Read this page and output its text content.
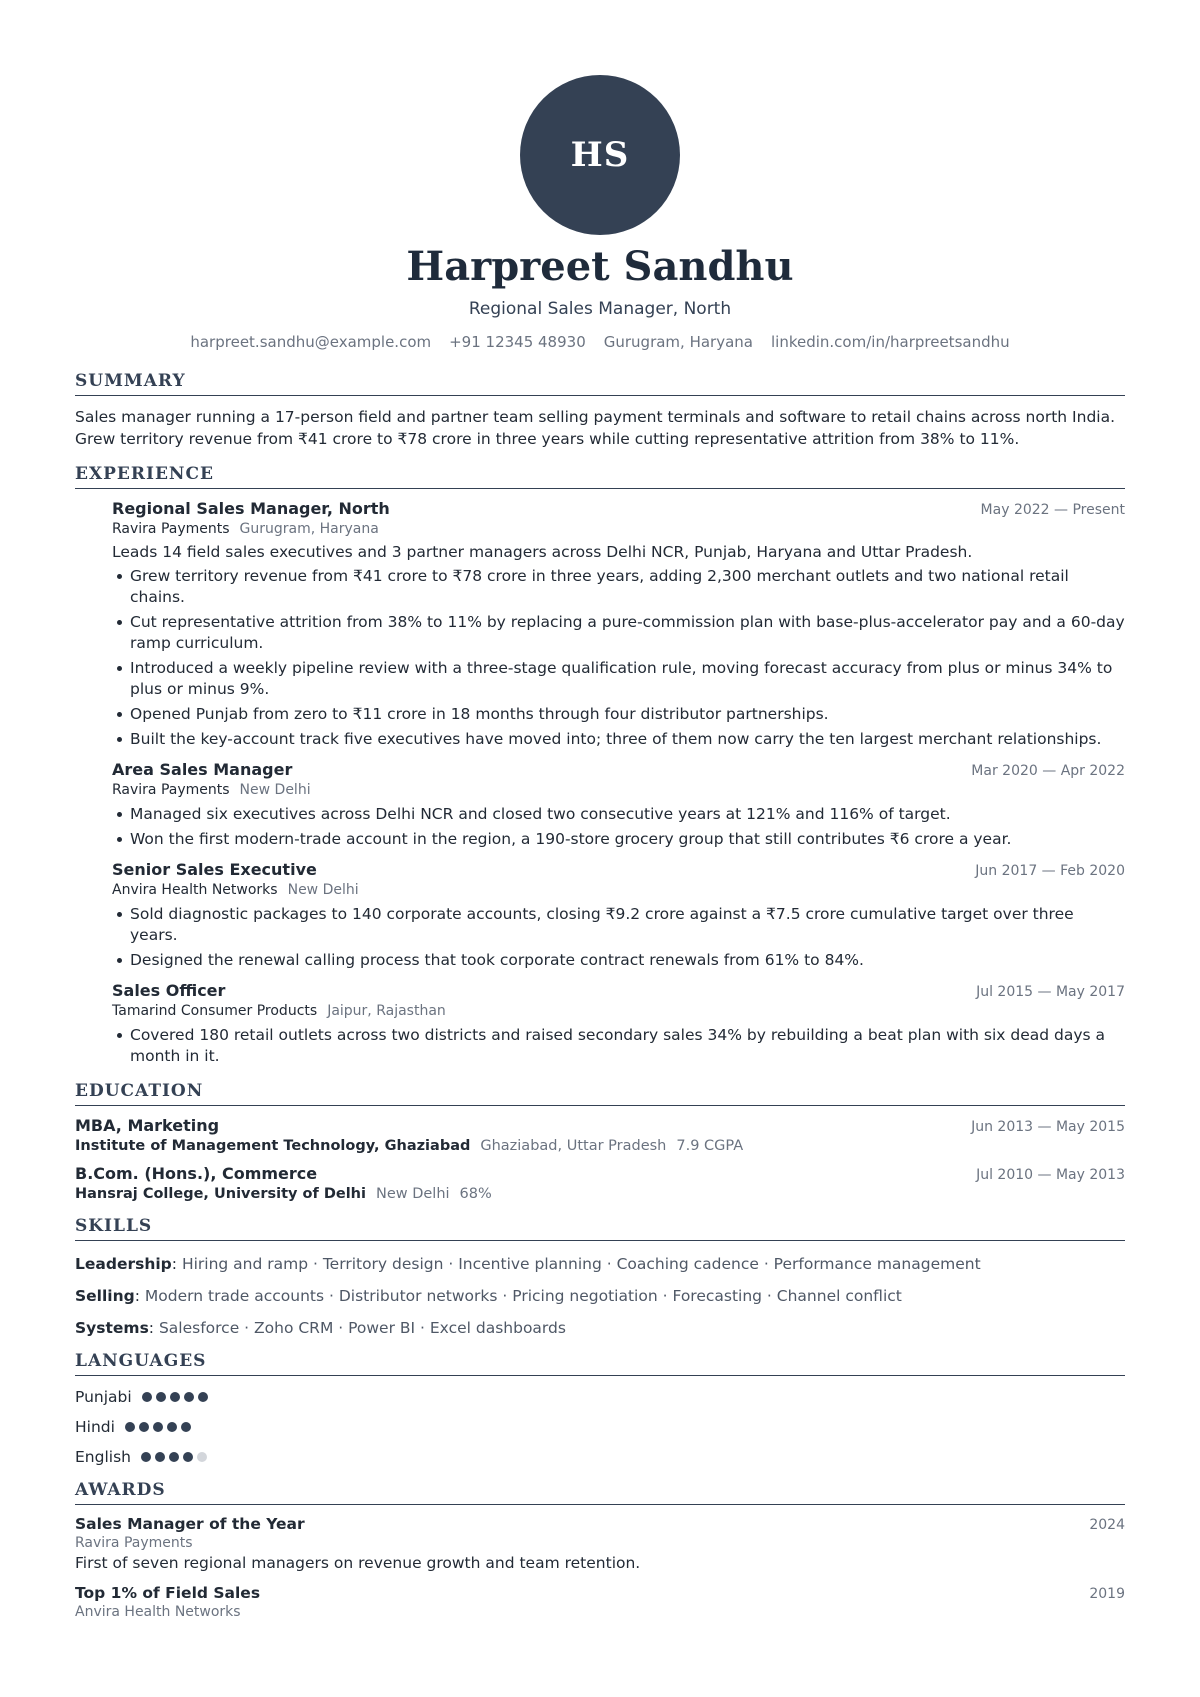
HS
Harpreet Sandhu
Regional Sales Manager, North
harpreet.sandhu@example.com +91 12345 48930 Gurugram, Haryana linkedin.com/in/harpreetsandhu
SUMMARY
Sales manager running a 17-person field and partner team selling payment terminals and software to retail chains across north India. Grew territory revenue from ₹41 crore to ₹78 crore in three years while cutting representative attrition from 38% to 11%.
EXPERIENCE
Regional Sales Manager, North	May 2022 — Present
Ravira Payments Gurugram, Haryana
Leads 14 field sales executives and 3 partner managers across Delhi NCR, Punjab, Haryana and Uttar Pradesh.
Grew territory revenue from ₹41 crore to ₹78 crore in three years, adding 2,300 merchant outlets and two national retail chains.
Cut representative attrition from 38% to 11% by replacing a pure-commission plan with base-plus-accelerator pay and a 60-day ramp curriculum.
Introduced a weekly pipeline review with a three-stage qualification rule, moving forecast accuracy from plus or minus 34% to plus or minus 9%.
Opened Punjab from zero to ₹11 crore in 18 months through four distributor partnerships.
Built the key-account track five executives have moved into; three of them now carry the ten largest merchant relationships.
Area Sales Manager	Mar 2020 — Apr 2022
Ravira Payments New Delhi
Managed six executives across Delhi NCR and closed two consecutive years at 121% and 116% of target.
Won the first modern-trade account in the region, a 190-store grocery group that still contributes ₹6 crore a year.
Senior Sales Executive	Jun 2017 — Feb 2020
Anvira Health Networks New Delhi
Sold diagnostic packages to 140 corporate accounts, closing ₹9.2 crore against a ₹7.5 crore cumulative target over three years.
Designed the renewal calling process that took corporate contract renewals from 61% to 84%.
Sales Officer	Jul 2015 — May 2017
Tamarind Consumer Products Jaipur, Rajasthan
Covered 180 retail outlets across two districts and raised secondary sales 34% by rebuilding a beat plan with six dead days a month in it.
EDUCATION
MBA, Marketing	Jun 2013 — May 2015
Institute of Management Technology, Ghaziabad Ghaziabad, Uttar Pradesh 7.9 CGPA
B.Com. (Hons.), Commerce	Jul 2010 — May 2013
Hansraj College, University of Delhi New Delhi 68%
SKILLS
Leadership: Hiring and ramp · Territory design · Incentive planning · Coaching cadence · Performance management
Selling: Modern trade accounts · Distributor networks · Pricing negotiation · Forecasting · Channel conflict
Systems: Salesforce · Zoho CRM · Power BI · Excel dashboards
LANGUAGES
Punjabi
Hindi
English
AWARDS
Sales Manager of the Year	2024
Ravira Payments
First of seven regional managers on revenue growth and team retention.
Top 1% of Field Sales	2019
Anvira Health Networks
